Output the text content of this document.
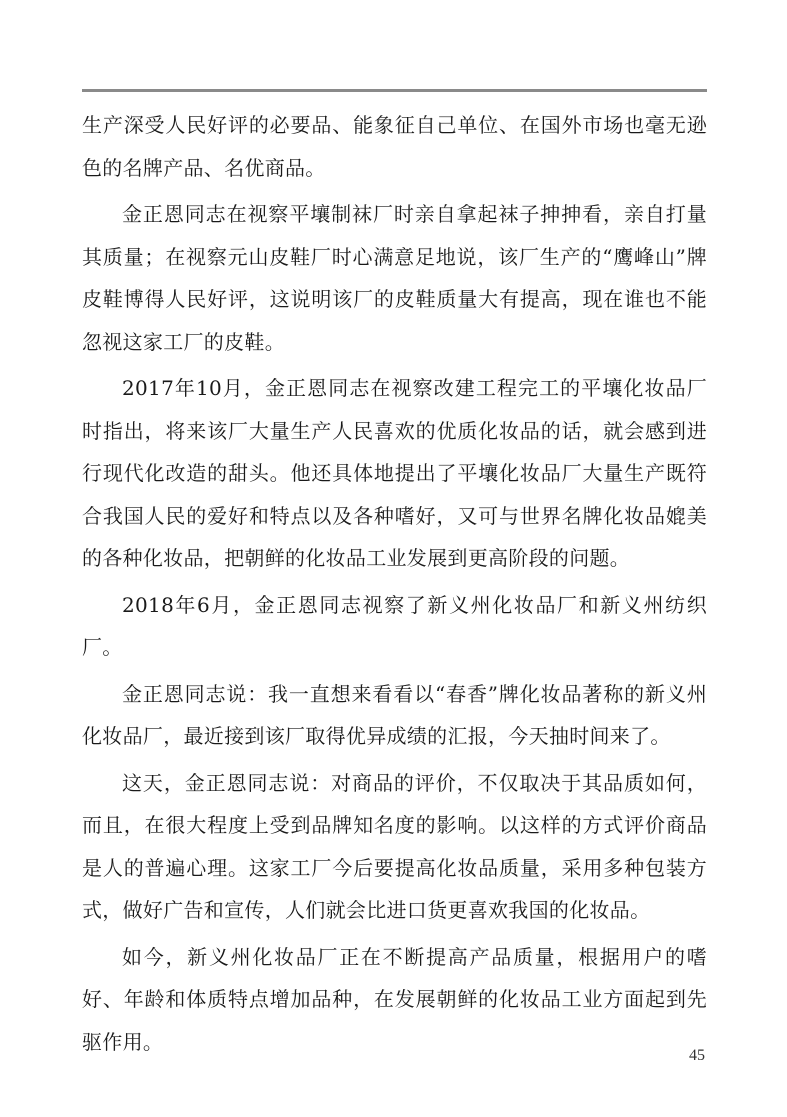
生产深受人民好评的必要品、能象征自己单位、在国外市场也毫无逊色的名牌产品、名优商品。

金正恩同志在视察平壤制袜厂时亲自拿起袜子抻抻看，亲自打量其质量；在视察元山皮鞋厂时心满意足地说，该厂生产的“鹰峰山”牌皮鞋博得人民好评，这说明该厂的皮鞋质量大有提高，现在谁也不能忽视这家工厂的皮鞋。

2017年10月，金正恩同志在视察改建工程完工的平壤化妆品厂时指出，将来该厂大量生产人民喜欢的优质化妆品的话，就会感到进行现代化改造的甜头。他还具体地提出了平壤化妆品厂大量生产既符合我国人民的爱好和特点以及各种嗜好，又可与世界名牌化妆品媲美的各种化妆品，把朝鲜的化妆品工业发展到更高阶段的问题。

2018年6月，金正恩同志视察了新义州化妆品厂和新义州纺织厂。

金正恩同志说：我一直想来看看以“春香”牌化妆品著称的新义州化妆品厂，最近接到该厂取得优异成绩的汇报，今天抽时间来了。

这天，金正恩同志说：对商品的评价，不仅取决于其品质如何，而且，在很大程度上受到品牌知名度的影响。以这样的方式评价商品是人的普遍心理。这家工厂今后要提高化妆品质量，采用多种包装方式，做好广告和宣传，人们就会比进口货更喜欢我国的化妆品。

如今，新义州化妆品厂正在不断提高产品质量，根据用户的嗜好、年龄和体质特点增加品种，在发展朝鲜的化妆品工业方面起到先驱作用。

45
